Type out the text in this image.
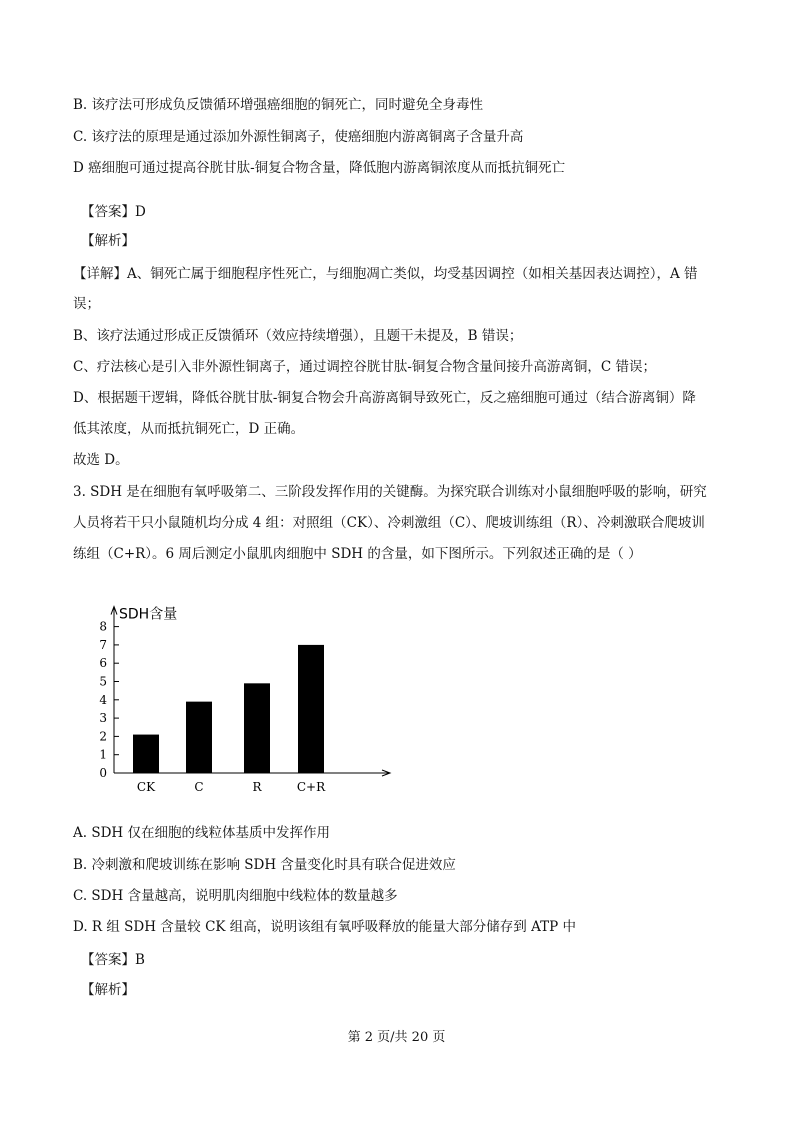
B. 该疗法可形成负反馈循环增强癌细胞的铜死亡，同时避免全身毒性
C. 该疗法的原理是通过添加外源性铜离子，使癌细胞内游离铜离子含量升高
D 癌细胞可通过提高谷胱甘肽-铜复合物含量，降低胞内游离铜浓度从而抵抗铜死亡
【答案】D
【解析】
【详解】A、铜死亡属于细胞程序性死亡，与细胞凋亡类似，均受基因调控（如相关基因表达调控），A 错
误；
B、该疗法通过形成正反馈循环（效应持续增强），且题干未提及，B 错误；
C、疗法核心是引入非外源性铜离子，通过调控谷胱甘肽-铜复合物含量间接升高游离铜，C 错误；
D、根据题干逻辑，降低谷胱甘肽-铜复合物会升高游离铜导致死亡，反之癌细胞可通过（结合游离铜）降
低其浓度，从而抵抗铜死亡，D 正确。
故选 D。
3. SDH 是在细胞有氧呼吸第二、三阶段发挥作用的关键酶。为探究联合训练对小鼠细胞呼吸的影响，研究
人员将若干只小鼠随机均分成 4 组：对照组（CK）、冷刺激组（C）、爬坡训练组（R）、冷刺激联合爬坡训
练组（C+R）。6 周后测定小鼠肌肉细胞中 SDH 的含量，如下图所示。下列叙述正确的是（ ）
SDH含量
0
1
2
3
4
5
6
7
8
CK	C	R	C+R
A. SDH 仅在细胞的线粒体基质中发挥作用
B. 冷刺激和爬坡训练在影响 SDH 含量变化时具有联合促进效应
C. SDH 含量越高，说明肌肉细胞中线粒体的数量越多
D. R 组 SDH 含量较 CK 组高，说明该组有氧呼吸释放的能量大部分储存到 ATP 中
【答案】B
【解析】
第 2 页/共 20 页
